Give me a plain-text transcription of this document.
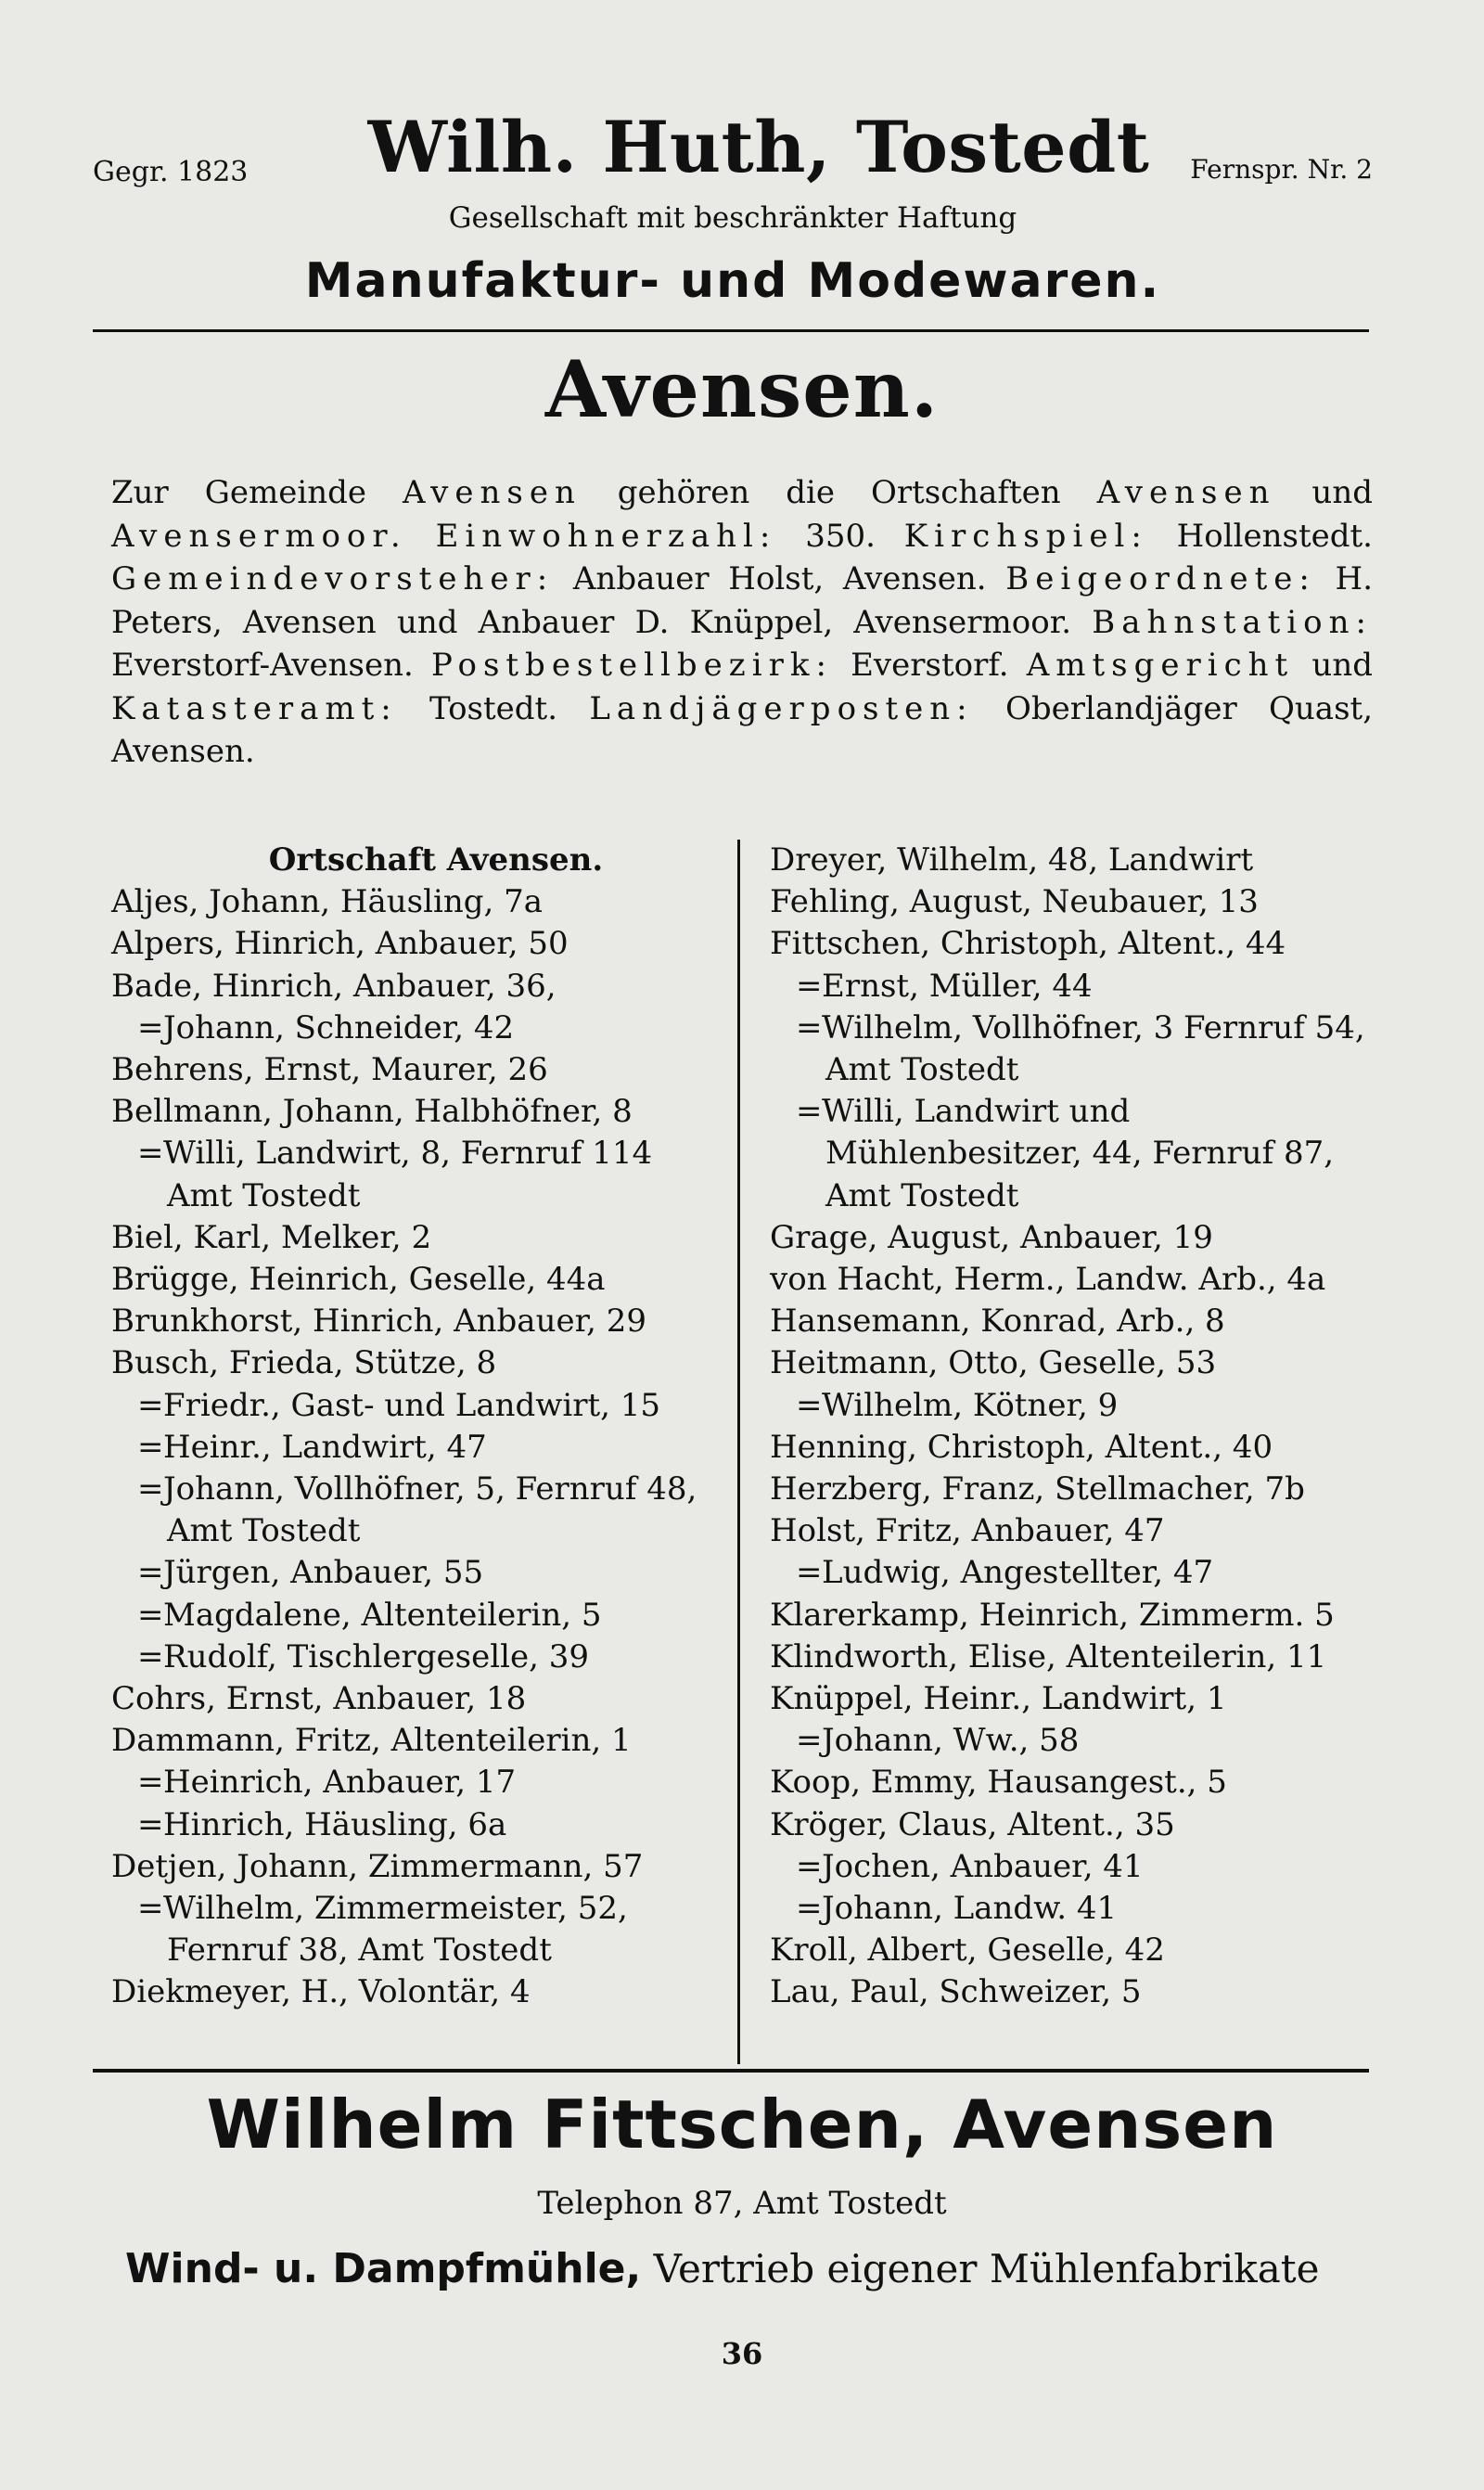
Gegr. 1823	Wilh. Huth, Tostedt	Fernspr. Nr. 2
Gesellschaft mit beschränkter Haftung
Manufaktur- und Modewaren.
Avensen.
Zur Gemeinde Avensen gehören die Ortschaften Avensen und Avensermoor. Einwohnerzahl: 350. Kirchspiel: Hollenstedt. Gemeindevorsteher: Anbauer Holst, Avensen. Beigeordnete: H. Peters, Avensen und Anbauer D. Knüppel, Avensermoor. Bahnstation: Everstorf-Avensen. Postbestellbezirk: Everstorf. Amtsgericht und Katasteramt: Tostedt. Landjägerposten: Oberlandjäger Quast, Avensen.
Ortschaft Avensen.
Aljes, Johann, Häusling, 7a
Alpers, Hinrich, Anbauer, 50
Bade, Hinrich, Anbauer, 36,
=Johann, Schneider, 42
Behrens, Ernst, Maurer, 26
Bellmann, Johann, Halbhöfner, 8
=Willi, Landwirt, 8, Fernruf 114 Amt Tostedt
Biel, Karl, Melker, 2
Brügge, Heinrich, Geselle, 44a
Brunkhorst, Hinrich, Anbauer, 29
Busch, Frieda, Stütze, 8
=Friedr., Gast- und Landwirt, 15
=Heinr., Landwirt, 47
=Johann, Vollhöfner, 5, Fernruf 48, Amt Tostedt
=Jürgen, Anbauer, 55
=Magdalene, Altenteilerin, 5
=Rudolf, Tischlergeselle, 39
Cohrs, Ernst, Anbauer, 18
Dammann, Fritz, Altenteilerin, 1
=Heinrich, Anbauer, 17
=Hinrich, Häusling, 6a
Detjen, Johann, Zimmermann, 57
=Wilhelm, Zimmermeister, 52, Fernruf 38, Amt Tostedt
Diekmeyer, H., Volontär, 4
Dreyer, Wilhelm, 48, Landwirt
Fehling, August, Neubauer, 13
Fittschen, Christoph, Altent., 44
=Ernst, Müller, 44
=Wilhelm, Vollhöfner, 3 Fernruf 54, Amt Tostedt
=Willi, Landwirt und Mühlenbesitzer, 44, Fernruf 87, Amt Tostedt
Grage, August, Anbauer, 19
von Hacht, Herm., Landw. Arb., 4a
Hansemann, Konrad, Arb., 8
Heitmann, Otto, Geselle, 53
=Wilhelm, Kötner, 9
Henning, Christoph, Altent., 40
Herzberg, Franz, Stellmacher, 7b
Holst, Fritz, Anbauer, 47
=Ludwig, Angestellter, 47
Klarerkamp, Heinrich, Zimmerm. 5
Klindworth, Elise, Altenteilerin, 11
Knüppel, Heinr., Landwirt, 1
=Johann, Ww., 58
Koop, Emmy, Hausangest., 5
Kröger, Claus, Altent., 35
=Jochen, Anbauer, 41
=Johann, Landw. 41
Kroll, Albert, Geselle, 42
Lau, Paul, Schweizer, 5
Wilhelm Fittschen, Avensen
Telephon 87, Amt Tostedt
Wind- u. Dampfmühle, Vertrieb eigener Mühlenfabrikate
36
